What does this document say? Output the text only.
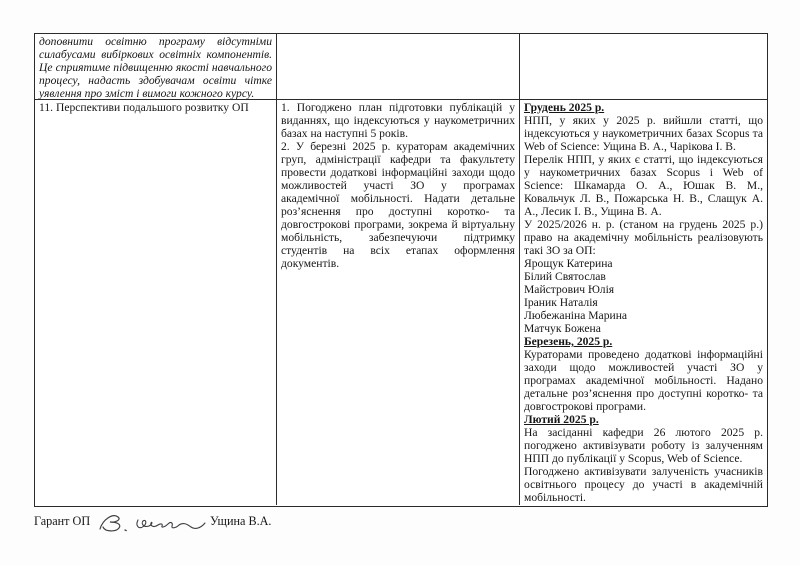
доповнити освітню програму відсутніми силабусами вибіркових освітніх компонентів. Це сприятиме підвищенню якості навчального процесу, надасть здобувачам освіти чітке уявлення про зміст і вимоги кожного курсу.

11. Перспективи подальшого розвитку ОП	1. Погоджено план підготовки публікацій у виданнях, що індексуються у наукометричних базах на наступні 5 років.

2. У березні 2025 р. кураторам академічних груп, адміністрації кафедри та факультету провести додаткові інформаційні заходи щодо можливостей участі ЗО у програмах академічної мобільності. Надати детальне роз’яснення про доступні коротко- та довгострокові програми, зокрема й віртуальну мобільність, забезпечуючи підтримку студентів на всіх етапах оформлення документів.

Грудень 2025 р.

НПП, у яких у 2025 р. вийшли статті, що індексуються у наукометричних базах Scopus та Web of Science: Ущина В. А., Чарікова І. В.

Перелік НПП, у яких є статті, що індексуються у наукометричних базах Scopus і Web of Science: Шкамарда О. А., Юшак В. М., Ковальчук Л. В., Пожарська Н. В., Слащук А. А., Лесик І. В., Ущина В. А.

У 2025/2026 н. р. (станом на грудень 2025 р.) право на академічну мобільність реалізовують такі ЗО за ОП:

Ярощук Катерина

Білий Святослав

Майстрович Юлія

Іраник Наталія

Любежаніна Марина

Матчук Божена

Березень, 2025 р.

Кураторами проведено додаткові інформаційні заходи щодо можливостей участі ЗО у програмах академічної мобільності. Надано детальне роз’яснення про доступні коротко- та довгострокові програми.

Лютий 2025 р.

На засіданні кафедри 26 лютого 2025 р. погоджено активізувати роботу із залученням НПП до публікації у Scopus, Web of Science.

Погоджено активізувати залученість учасників освітнього процесу до участі в академічній мобільності.

Гарант ОП	Ущина В.А.
